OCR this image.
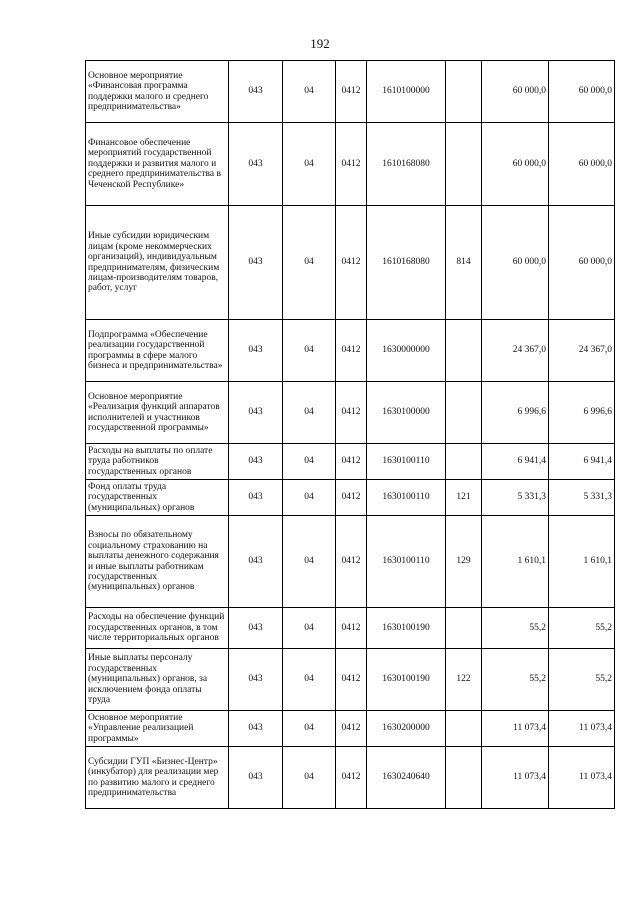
192
Основное мероприятие «Финансовая программа поддержки малого и среднего предпринимательства»	043	04	0412	1610100000		60 000,0	60 000,0
Финансовое обеспечение мероприятий государственной поддержки и развития малого и среднего предпринимательства в Чеченской Республике»	043	04	0412	1610168080		60 000,0	60 000,0
Иные субсидии юридическим лицам (кроме некоммерческих организаций), индивидуальным предпринимателям, физическим лицам-производителям товаров, работ, услуг	043	04	0412	1610168080	814	60 000,0	60 000,0
Подпрограмма «Обеспечение реализации государственной программы в сфере малого бизнеса и предпринимательства»	043	04	0412	1630000000		24 367,0	24 367,0
Основное мероприятие «Реализация функций аппаратов исполнителей и участников государственной программы»	043	04	0412	1630100000		6 996,6	6 996,6
Расходы на выплаты по оплате труда работников государственных органов	043	04	0412	1630100110		6 941,4	6 941,4
Фонд оплаты труда государственных (муниципальных) органов	043	04	0412	1630100110	121	5 331,3	5 331,3
Взносы по обязательному социальному страхованию на выплаты денежного содержания и иные выплаты работникам государственных (муниципальных) органов	043	04	0412	1630100110	129	1 610,1	1 610,1
Расходы на обеспечение функций государственных органов, в том числе территориальных органов	043	04	0412	1630100190		55,2	55,2
Иные выплаты персоналу государственных (муниципальных) органов, за исключением фонда оплаты труда	043	04	0412	1630100190	122	55,2	55,2
Основное мероприятие «Управление реализацией программы»	043	04	0412	1630200000		11 073,4	11 073,4
Субсидии ГУП «Бизнес-Центр» (инкубатор) для реализации мер по развитию малого и среднего предпринимательства	043	04	0412	1630240640		11 073,4	11 073,4
